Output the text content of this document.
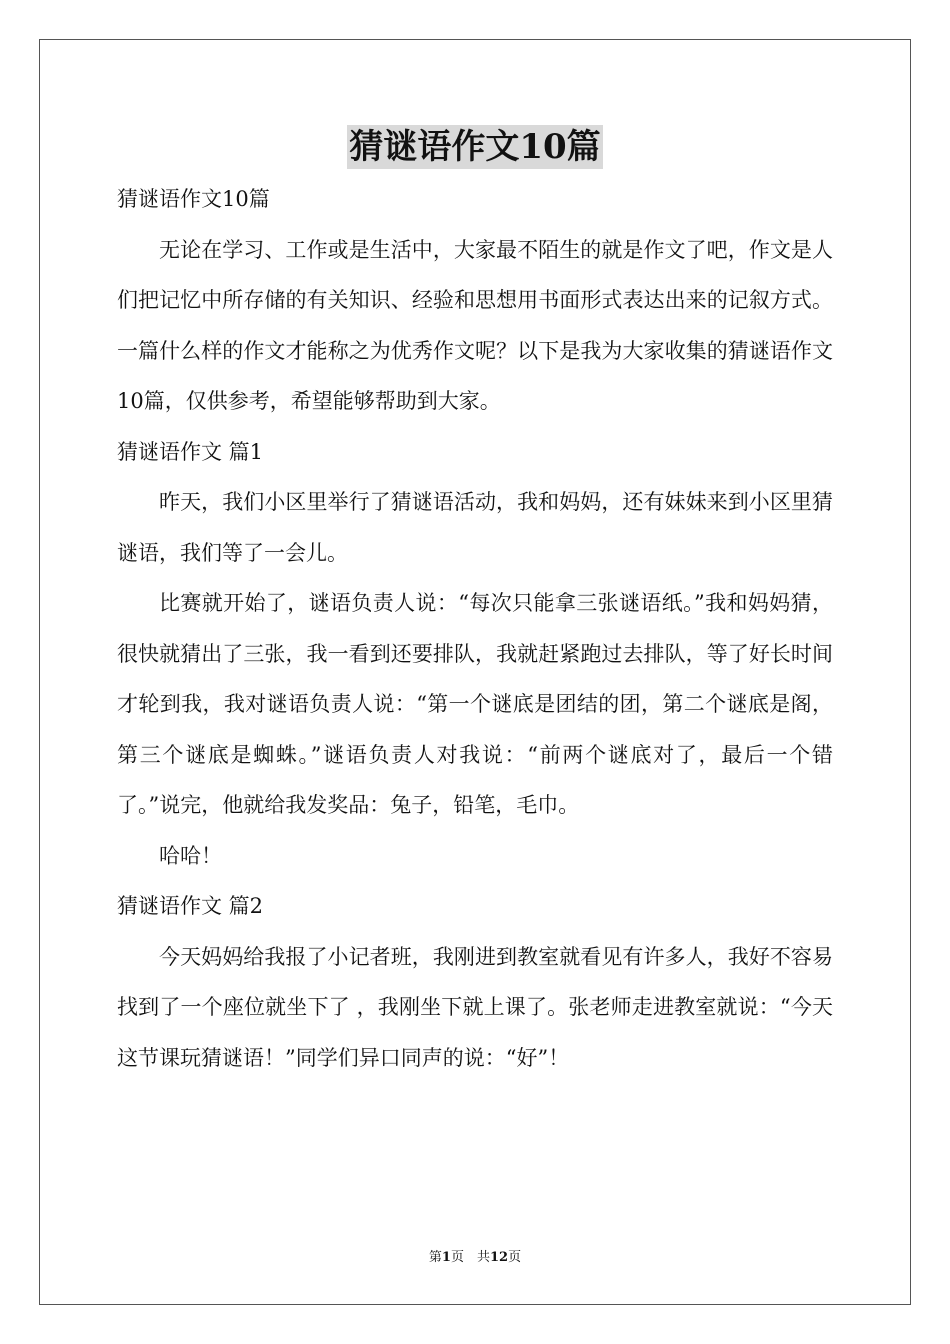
猜谜语作文10篇

猜谜语作文10篇

无论在学习、工作或是生活中，大家最不陌生的就是作文了吧，作文是人们把记忆中所存储的有关知识、经验和思想用书面形式表达出来的记叙方式。一篇什么样的作文才能称之为优秀作文呢？以下是我为大家收集的猜谜语作文10篇，仅供参考，希望能够帮助到大家。

猜谜语作文 篇1

昨天，我们小区里举行了猜谜语活动，我和妈妈，还有妹妹来到小区里猜谜语，我们等了一会儿。

比赛就开始了，谜语负责人说：“每次只能拿三张谜语纸。”我和妈妈猜，很快就猜出了三张，我一看到还要排队，我就赶紧跑过去排队，等了好长时间才轮到我，我对谜语负责人说：“第一个谜底是团结的团，第二个谜底是阁，第三个谜底是蜘蛛。”谜语负责人对我说：“前两个谜底对了，最后一个错了。”说完，他就给我发奖品：兔子，铅笔，毛巾。

哈哈！

猜谜语作文 篇2

今天妈妈给我报了小记者班，我刚进到教室就看见有许多人，我好不容易找到了一个座位就坐下了 ，我刚坐下就上课了。张老师走进教室就说：“今天这节课玩猜谜语！”同学们异口同声的说：“好”！

第1页　共12页
